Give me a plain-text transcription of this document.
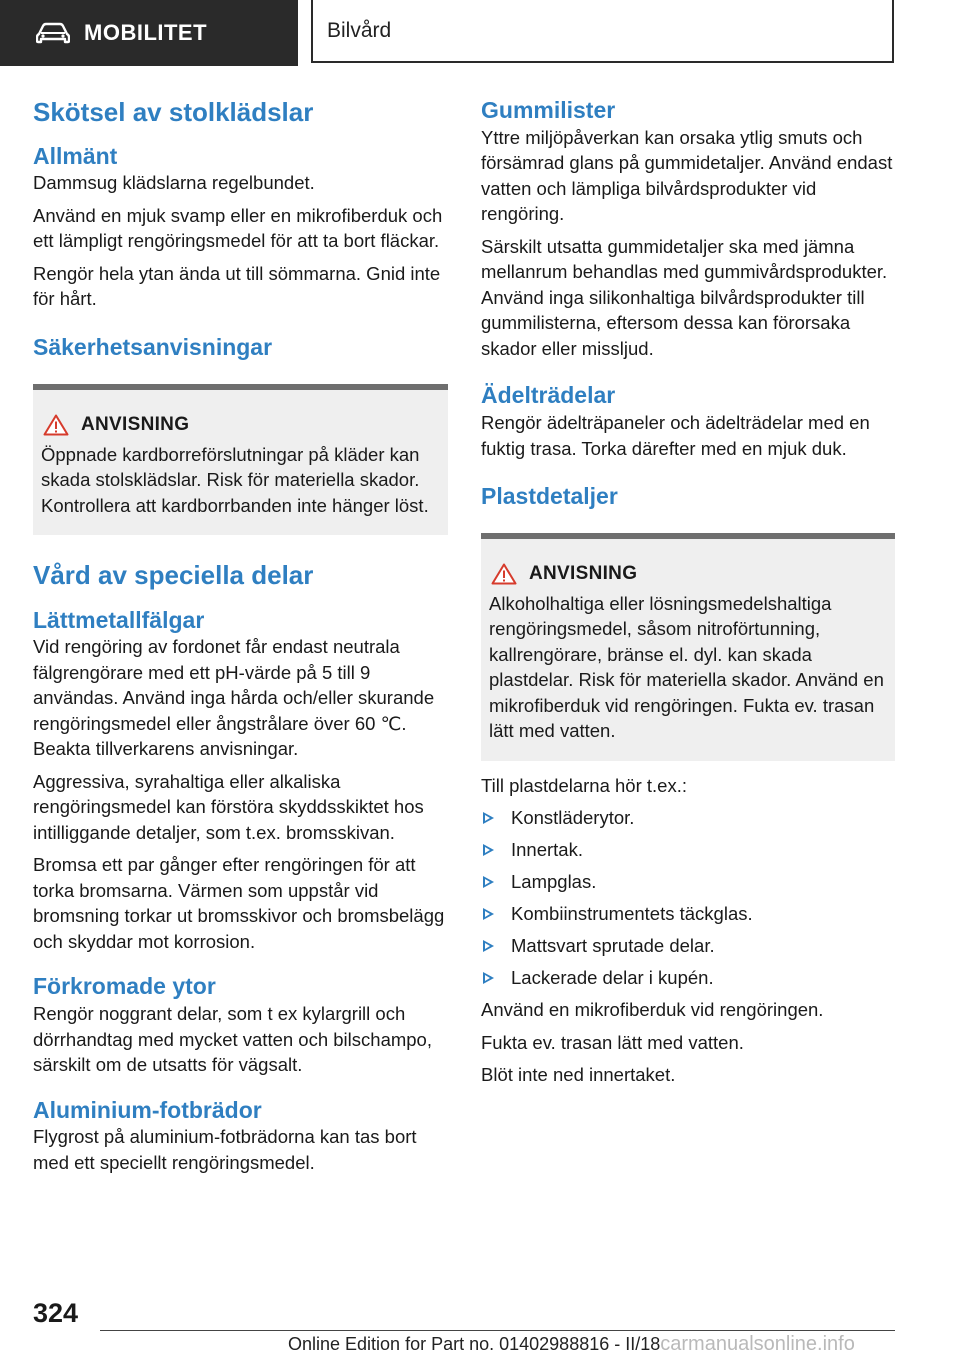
MOBILITET	Bilvård
Skötsel av stolklädslar
Allmänt

Dammsug klädslarna regelbundet.

Använd en mjuk svamp eller en mikrofiberduk och ett lämpligt rengöringsmedel för att ta bort fläckar.

Rengör hela ytan ända ut till sömmarna. Gnid inte för hårt.

Säkerhetsanvisningar
ANVISNING

Öppnade kardborreförslutningar på kläder kan skada stolsklädslar. Risk för materiella skador. Kontrollera att kardborrbanden inte hänger löst.

Vård av speciella delar
Lättmetallfälgar

Vid rengöring av fordonet får endast neutrala fälgrengörare med ett pH-värde på 5 till 9 användas. Använd inga hårda och/eller skurande rengöringsmedel eller ångstrålare över 60 ℃. Beakta tillverkarens anvisningar.

Aggressiva, syrahaltiga eller alkaliska rengöringsmedel kan förstöra skyddsskiktet hos intilliggande detaljer, som t.ex. bromsskivan.

Bromsa ett par gånger efter rengöringen för att torka bromsarna. Värmen som uppstår vid bromsning torkar ut bromsskivor och bromsbelägg och skyddar mot korrosion.

Förkromade ytor

Rengör noggrant delar, som t ex kylargrill och dörrhandtag med mycket vatten och bilschampo, särskilt om de utsatts för vägsalt.

Aluminium-fotbrädor

Flygrost på aluminium-fotbrädorna kan tas bort med ett speciellt rengöringsmedel.

Gummilister

Yttre miljöpåverkan kan orsaka ytlig smuts och försämrad glans på gummidetaljer. Använd endast vatten och lämpliga bilvårdsprodukter vid rengöring.

Särskilt utsatta gummidetaljer ska med jämna mellanrum behandlas med gummivårdsprodukter. Använd inga silikonhaltiga bilvårdsprodukter till gummilisterna, eftersom dessa kan förorsaka skador eller missljud.

Ädelträdelar

Rengör ädelträpaneler och ädelträdelar med en fuktig trasa. Torka därefter med en mjuk duk.

Plastdetaljer
ANVISNING

Alkoholhaltiga eller lösningsmedelshaltiga rengöringsmedel, såsom nitroförtunning, kallrengörare, bränse el. dyl. kan skada plastdelar. Risk för materiella skador. Använd en mikrofiberduk vid rengöringen. Fukta ev. trasan lätt med vatten.

Till plastdelarna hör t.ex.:

Konstläderytor.
Innertak.
Lampglas.
Kombiinstrumentets täckglas.
Mattsvart sprutade delar.
Lackerade delar i kupén.

Använd en mikrofiberduk vid rengöringen.

Fukta ev. trasan lätt med vatten.

Blöt inte ned innertaket.

324
Online Edition for Part no. 01402988816 - II/18carmanualsonline.info
